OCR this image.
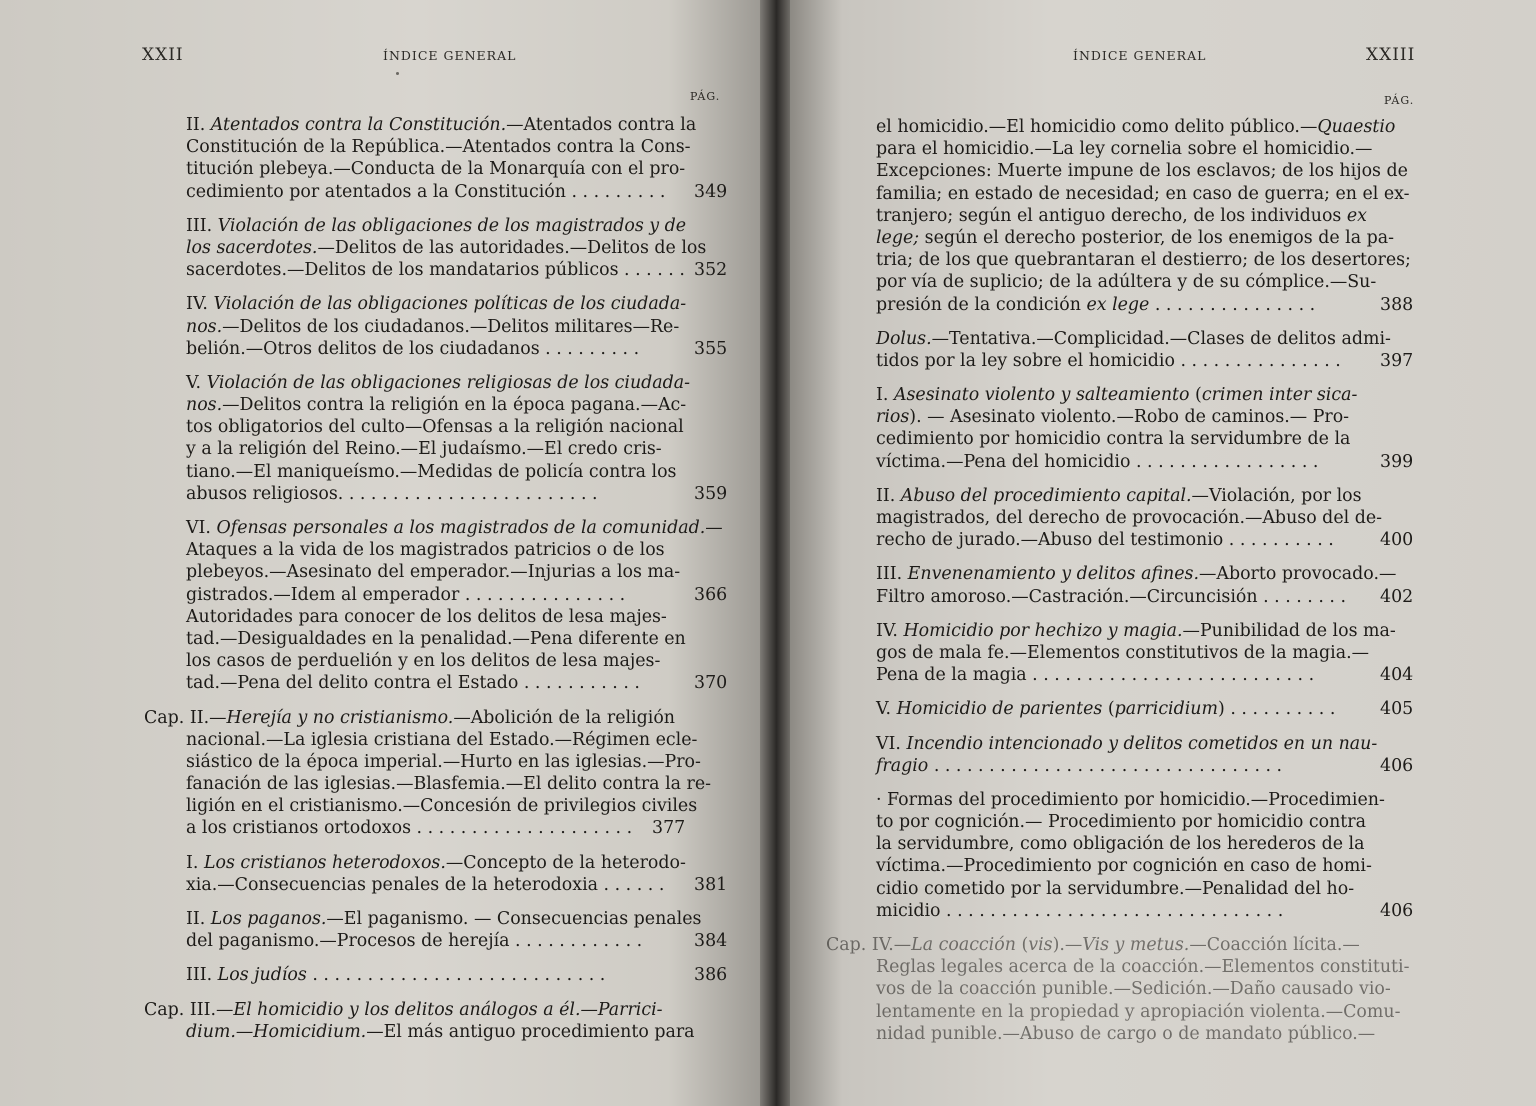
XXII	ÍNDICE GENERAL
PÁG.
II. Atentados contra la Constitución.—Atentados contra la
Constitución de la República.—Atentados contra la Cons-
titución plebeya.—Conducta de la Monarquía con el pro-
cedimiento por atentados a la Constitución . . . . . . . . . 349
III. Violación de las obligaciones de los magistrados y de
los sacerdotes.—Delitos de las autoridades.—Delitos de los
sacerdotes.—Delitos de los mandatarios públicos . . . . . . 352
IV. Violación de las obligaciones políticas de los ciudada-
nos.—Delitos de los ciudadanos.—Delitos militares—Re-
belión.—Otros delitos de los ciudadanos . . . . . . . . .	355
V. Violación de las obligaciones religiosas de los ciudada-
nos.—Delitos contra la religión en la época pagana.—Ac-
tos obligatorios del culto—Ofensas a la religión nacional
y a la religión del Reino.—El judaísmo.—El credo cris-
tiano.—El maniqueísmo.—Medidas de policía contra los
abusos religiosos. . . . . . . . . . . . . . . . . . . . . . . .	359
VI. Ofensas personales a los magistrados de la comunidad.—
Ataques a la vida de los magistrados patricios o de los
plebeyos.—Asesinato del emperador.—Injurias a los ma-
gistrados.—Idem al emperador . . . . . . . . . . . . . . .	366
Autoridades para conocer de los delitos de lesa majes-
tad.—Desigualdades en la penalidad.—Pena diferente en
los casos de perduelión y en los delitos de lesa majes-
tad.—Pena del delito contra el Estado . . . . . . . . . . .	370
Cap. II.—Herejía y no cristianismo.—Abolición de la religión
nacional.—La iglesia cristiana del Estado.—Régimen ecle-
siástico de la época imperial.—Hurto en las iglesias.—Pro-
fanación de las iglesias.—Blasfemia.—El delito contra la re-
ligión en el cristianismo.—Concesión de privilegios civiles
a los cristianos ortodoxos . . . . . . . . . . . . . . . . . . . . 377
I. Los cristianos heterodoxos.—Concepto de la heterodo-
xia.—Consecuencias penales de la heterodoxia . . . . . . 381
II. Los paganos.—El paganismo. — Consecuencias penales
del paganismo.—Procesos de herejía . . . . . . . . . . . .	384
III. Los judíos . . . . . . . . . . . . . . . . . . . . . . . . . . .	386
Cap. III.—El homicidio y los delitos análogos a él.—Parrici-
dium.—Homicidium.—El más antiguo procedimiento para
ÍNDICE GENERAL	XXIII
PÁG.
el homicidio.—El homicidio como delito público.—Quaestio
para el homicidio.—La ley cornelia sobre el homicidio.—
Excepciones: Muerte impune de los esclavos; de los hijos de
familia; en estado de necesidad; en caso de guerra; en el ex-
tranjero; según el antiguo derecho, de los individuos ex
lege; según el derecho posterior, de los enemigos de la pa-
tria; de los que quebrantaran el destierro; de los desertores;
por vía de suplicio; de la adúltera y de su cómplice.—Su-
presión de la condición ex lege . . . . . . . . . . . . . . .	388
Dolus.—Tentativa.—Complicidad.—Clases de delitos admi-
tidos por la ley sobre el homicidio . . . . . . . . . . . . . . . 397
I. Asesinato violento y salteamiento (crimen inter sica-
rios). — Asesinato violento.—Robo de caminos.— Pro-
cedimiento por homicidio contra la servidumbre de la
víctima.—Pena del homicidio . . . . . . . . . . . . . . . . .	399
II. Abuso del procedimiento capital.—Violación, por los
magistrados, del derecho de provocación.—Abuso del de-
recho de jurado.—Abuso del testimonio . . . . . . . . . .	400
III. Envenenamiento y delitos afines.—Aborto provocado.—
Filtro amoroso.—Castración.—Circuncisión . . . . . . . . 402
IV. Homicidio por hechizo y magia.—Punibilidad de los ma-
gos de mala fe.—Elementos constitutivos de la magia.—
Pena de la magia . . . . . . . . . . . . . . . . . . . . . . . . . .	404
V. Homicidio de parientes (parricidium) . . . . . . . . . .	405
VI. Incendio intencionado y delitos cometidos en un nau-
fragio . . . . . . . . . . . . . . . . . . . . . . . . . . . . . . . .	406
· Formas del procedimiento por homicidio.—Procedimien-
to por cognición.— Procedimiento por homicidio contra
la servidumbre, como obligación de los herederos de la
víctima.—Procedimiento por cognición en caso de homi-
cidio cometido por la servidumbre.—Penalidad del ho-
micidio . . . . . . . . . . . . . . . . . . . . . . . . . . . . . . .	406
Cap. IV.—La coacción (vis).—Vis y metus.—Coacción lícita.—
Reglas legales acerca de la coacción.—Elementos constituti-
vos de la coacción punible.—Sedición.—Daño causado vio-
lentamente en la propiedad y apropiación violenta.—Comu-
nidad punible.—Abuso de cargo o de mandato público.—
